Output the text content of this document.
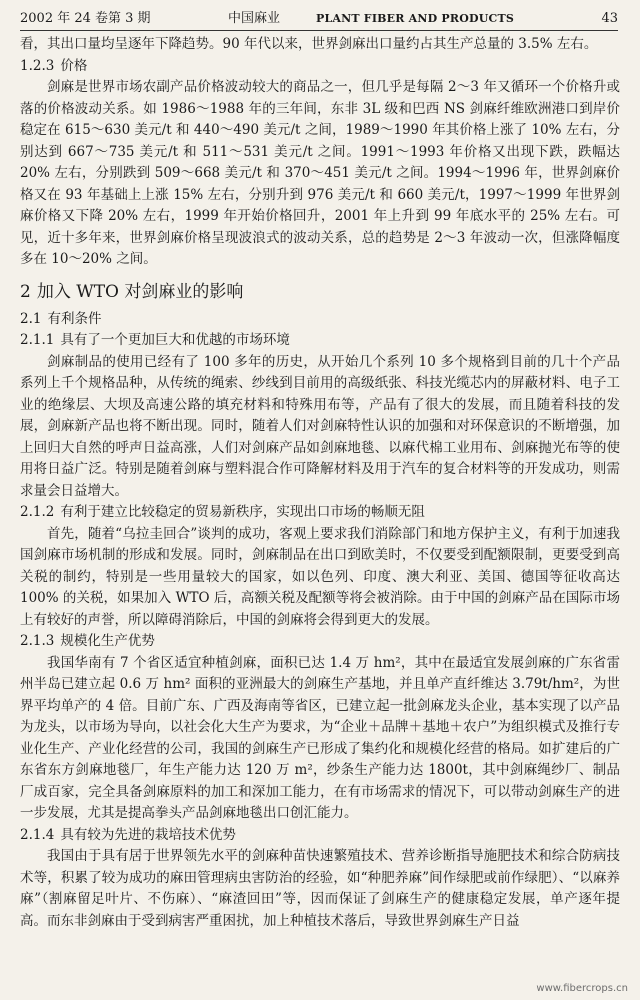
2002 年 24 卷第 3 期	中国麻业	PLANT FIBER AND PRODUCTS	43

看，其出口量均呈逐年下降趋势。90 年代以来，世界剑麻出口量约占其生产总量的 3.5% 左右。

1.2.3 价格

剑麻是世界市场农副产品价格波动较大的商品之一，但几乎是每隔 2～3 年又循环一个价格升或落的价格波动关系。如 1986～1988 年的三年间，东非 3L 级和巴西 NS 剑麻纤维欧洲港口到岸价稳定在 615～630 美元/t 和 440～490 美元/t 之间，1989～1990 年其价格上涨了 10% 左右，分别达到 667～735 美元/t 和 511～531 美元/t 之间。1991～1993 年价格又出现下跌，跌幅达 20% 左右，分别跌到 509～668 美元/t 和 370～451 美元/t 之间。1994～1996 年，世界剑麻价格又在 93 年基础上上涨 15% 左右，分别升到 976 美元/t 和 660 美元/t，1997～1999 年世界剑麻价格又下降 20% 左右，1999 年开始价格回升，2001 年上升到 99 年底水平的 25% 左右。可见，近十多年来，世界剑麻价格呈现波浪式的波动关系，总的趋势是 2～3 年波动一次，但涨降幅度多在 10～20% 之间。

2 加入 WTO 对剑麻业的影响
2.1 有利条件
2.1.1 具有了一个更加巨大和优越的市场环境

剑麻制品的使用已经有了 100 多年的历史，从开始几个系列 10 多个规格到目前的几十个产品系列上千个规格品种，从传统的绳索、纱线到目前用的高级纸张、科技光缆芯内的屏蔽材料、电子工业的绝缘层、大坝及高速公路的填充材料和特殊用布等，产品有了很大的发展，而且随着科技的发展，剑麻新产品也将不断出现。同时，随着人们对剑麻特性认识的加强和对环保意识的不断增强，加上回归大自然的呼声日益高涨，人们对剑麻产品如剑麻地毯、以麻代棉工业用布、剑麻抛光布等的使用将日益广泛。特别是随着剑麻与塑料混合作可降解材料及用于汽车的复合材料等的开发成功，则需求量会日益增大。

2.1.2 有利于建立比较稳定的贸易新秩序，实现出口市场的畅顺无阻

首先，随着“乌拉圭回合”谈判的成功，客观上要求我们消除部门和地方保护主义，有利于加速我国剑麻市场机制的形成和发展。同时，剑麻制品在出口到欧美时，不仅要受到配额限制，更要受到高关税的制约，特别是一些用量较大的国家，如以色列、印度、澳大利亚、美国、德国等征收高达 100% 的关税，如果加入 WTO 后，高额关税及配额等将会被消除。由于中国的剑麻产品在国际市场上有较好的声誉，所以障碍消除后，中国的剑麻将会得到更大的发展。

2.1.3 规模化生产优势

我国华南有 7 个省区适宜种植剑麻，面积已达 1.4 万 hm²，其中在最适宜发展剑麻的广东省雷州半岛已建立起 0.6 万 hm² 面积的亚洲最大的剑麻生产基地，并且单产直纤维达 3.79t/hm²，为世界平均单产的 4 倍。目前广东、广西及海南等省区，已建立起一批剑麻龙头企业，基本实现了以产品为龙头，以市场为导向，以社会化大生产为要求，为“企业＋品牌＋基地＋农户”为组织模式及推行专业化生产、产业化经营的公司，我国的剑麻生产已形成了集约化和规模化经营的格局。如扩建后的广东省东方剑麻地毯厂，年生产能力达 120 万 m²，纱条生产能力达 1800t，其中剑麻绳纱厂、制品厂成百家，完全具备剑麻原料的加工和深加工能力，在有市场需求的情况下，可以带动剑麻生产的进一步发展，尤其是提高拳头产品剑麻地毯出口创汇能力。

2.1.4 具有较为先进的栽培技术优势

我国由于具有居于世界领先水平的剑麻种苗快速繁殖技术、营养诊断指导施肥技术和综合防病技术等，积累了较为成功的麻田管理病虫害防治的经验，如“种肥养麻”间作绿肥或前作绿肥）、“以麻养麻”（割麻留足叶片、不伤麻）、“麻渣回田”等，因而保证了剑麻生产的健康稳定发展，单产逐年提高。而东非剑麻由于受到病害严重困扰，加上种植技术落后，导致世界剑麻生产日益

www.fibercrops.cn
